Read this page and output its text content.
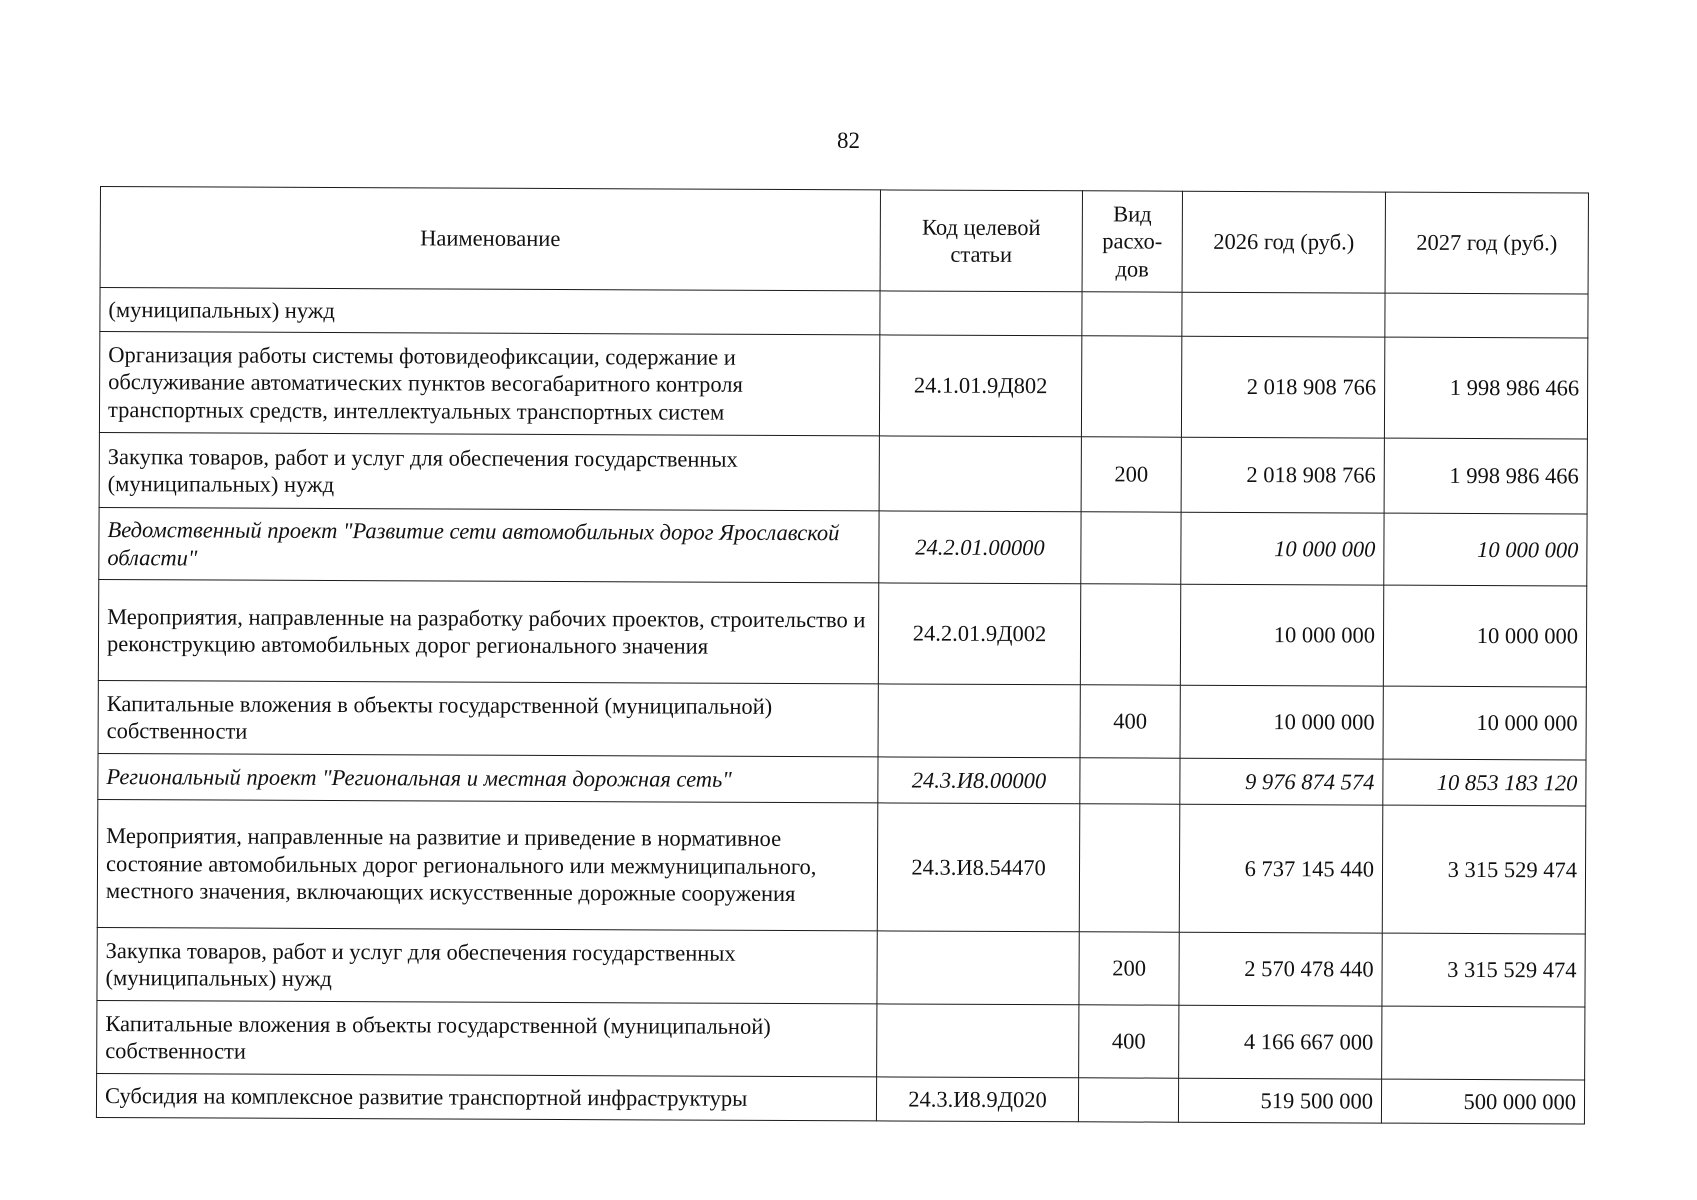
82
Наименование	Код целевой статьи	Вид расхо-дов	2026 год (руб.)	2027 год (руб.)
(муниципальных) нужд				
Организация работы системы фотовидеофиксации, содержание и обслуживание автоматических пунктов весогабаритного контроля транспортных средств, интеллектуальных транспортных систем	24.1.01.9Д802		2 018 908 766	1 998 986 466
Закупка товаров, работ и услуг для обеспечения государственных (муниципальных) нужд		200	2 018 908 766	1 998 986 466
Ведомственный проект "Развитие сети автомобильных дорог Ярославской области"	24.2.01.00000		10 000 000	10 000 000
Мероприятия, направленные на разработку рабочих проектов, строительство и реконструкцию автомобильных дорог регионального значения	24.2.01.9Д002		10 000 000	10 000 000
Капитальные вложения в объекты государственной (муниципальной) собственности		400	10 000 000	10 000 000
Региональный проект "Региональная и местная дорожная сеть"	24.3.И8.00000		9 976 874 574	10 853 183 120
Мероприятия, направленные на развитие и приведение в нормативное состояние автомобильных дорог регионального или межмуниципального, местного значения, включающих искусственные дорожные сооружения	24.3.И8.54470		6 737 145 440	3 315 529 474
Закупка товаров, работ и услуг для обеспечения государственных (муниципальных) нужд		200	2 570 478 440	3 315 529 474
Капитальные вложения в объекты государственной (муниципальной) собственности		400	4 166 667 000	
Субсидия на комплексное развитие транспортной инфраструктуры	24.3.И8.9Д020		519 500 000	500 000 000
